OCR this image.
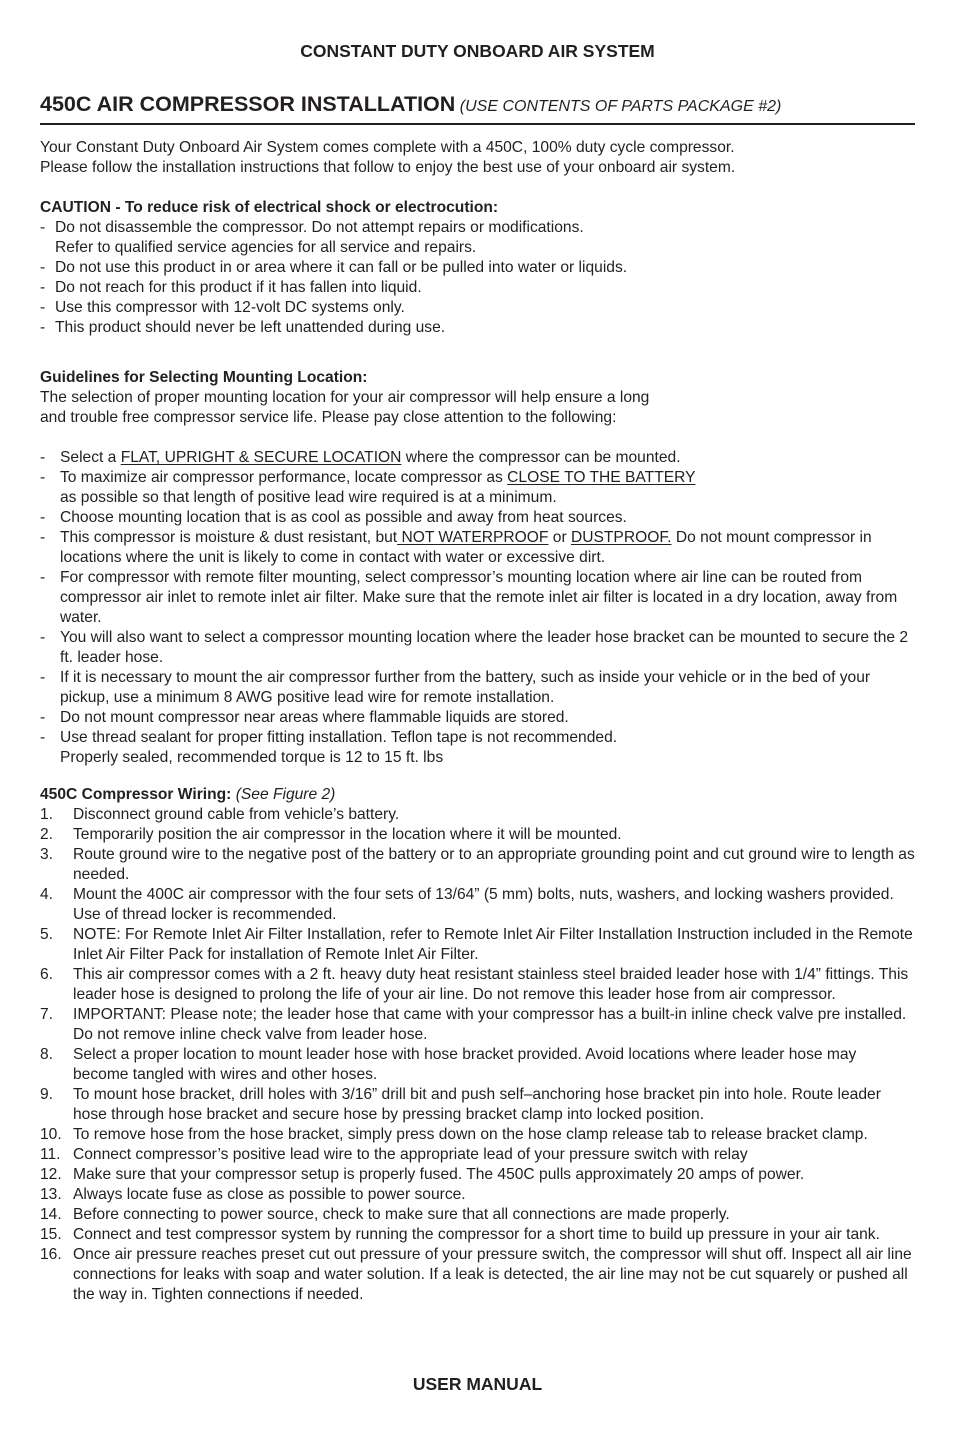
CONSTANT DUTY ONBOARD AIR SYSTEM
450C AIR COMPRESSOR INSTALLATION (USE CONTENTS OF PARTS PACKAGE #2)

Your Constant Duty Onboard Air System comes complete with a 450C, 100% duty cycle compressor.

Please follow the installation instructions that follow to enjoy the best use of your onboard air system.

CAUTION - To reduce risk of electrical shock or electrocution:

- Do not disassemble the compressor. Do not attempt repairs or modifications.
Refer to qualified service agencies for all service and repairs.
- Do not use this product in or area where it can fall or be pulled into water or liquids.
- Do not reach for this product if it has fallen into liquid.
- Use this compressor with 12-volt DC systems only.
- This product should never be left unattended during use.

Guidelines for Selecting Mounting Location:

The selection of proper mounting location for your air compressor will help ensure a long

and trouble free compressor service life. Please pay close attention to the following:

- Select a FLAT, UPRIGHT & SECURE LOCATION where the compressor can be mounted.
- To maximize air compressor performance, locate compressor as CLOSE TO THE BATTERY
as possible so that length of positive lead wire required is at a minimum.
- Choose mounting location that is as cool as possible and away from heat sources.
- This compressor is moisture & dust resistant, but NOT WATERPROOF or DUSTPROOF. Do not mount compressor in locations where the unit is likely to come in contact with water or excessive dirt.
- For compressor with remote filter mounting, select compressor’s mounting location where air line can be routed from compressor air inlet to remote inlet air filter. Make sure that the remote inlet air filter is located in a dry location, away from water.
- You will also want to select a compressor mounting location where the leader hose bracket can be mounted to secure the 2 ft. leader hose.
- If it is necessary to mount the air compressor further from the battery, such as inside your vehicle or in the bed of your pickup, use a minimum 8 AWG positive lead wire for remote installation.
- Do not mount compressor near areas where flammable liquids are stored.
- Use thread sealant for proper fitting installation. Teflon tape is not recommended.
Properly sealed, recommended torque is 12 to 15 ft. lbs

450C Compressor Wiring: (See Figure 2)

1.	Disconnect ground cable from vehicle’s battery.
2.	Temporarily position the air compressor in the location where it will be mounted.
3.	Route ground wire to the negative post of the battery or to an appropriate grounding point and cut ground wire to length as needed.
4.	Mount the 400C air compressor with the four sets of 13/64” (5 mm) bolts, nuts, washers, and locking washers provided. Use of thread locker is recommended.
5.	NOTE: For Remote Inlet Air Filter Installation, refer to Remote Inlet Air Filter Installation Instruction included in the Remote Inlet Air Filter Pack for installation of Remote Inlet Air Filter.
6.	This air compressor comes with a 2 ft. heavy duty heat resistant stainless steel braided leader hose with 1/4” fittings. This leader hose is designed to prolong the life of your air line. Do not remove this leader hose from air compressor.
7.	IMPORTANT: Please note; the leader hose that came with your compressor has a built-in inline check valve pre installed. Do not remove inline check valve from leader hose.
8.	Select a proper location to mount leader hose with hose bracket provided. Avoid locations where leader hose may become tangled with wires and other hoses.
9.	To mount hose bracket, drill holes with 3/16” drill bit and push self–anchoring hose bracket pin into hole. Route leader hose through hose bracket and secure hose by pressing bracket clamp into locked position.
10. To remove hose from the hose bracket, simply press down on the hose clamp release tab to release bracket clamp.
11. Connect compressor’s positive lead wire to the appropriate lead of your pressure switch with relay
12. Make sure that your compressor setup is properly fused. The 450C pulls approximately 20 amps of power.
13. Always locate fuse as close as possible to power source.
14. Before connecting to power source, check to make sure that all connections are made properly.
15. Connect and test compressor system by running the compressor for a short time to build up pressure in your air tank.
16. Once air pressure reaches preset cut out pressure of your pressure switch, the compressor will shut off. Inspect all air line connections for leaks with soap and water solution. If a leak is detected, the air line may not be cut squarely or pushed all the way in. Tighten connections if needed.
USER MANUAL
